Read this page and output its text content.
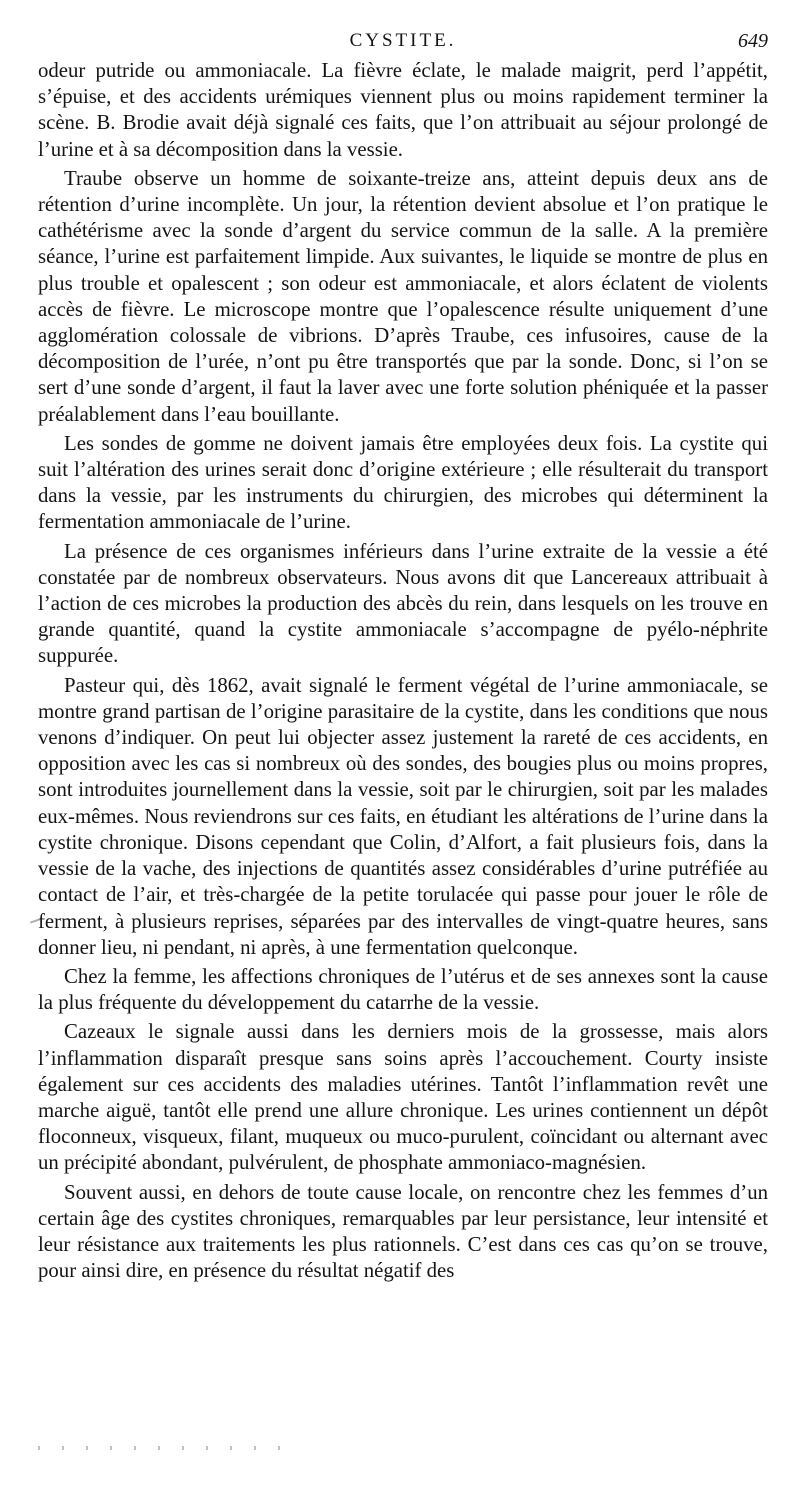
CYSTITE.	649

odeur putride ou ammoniacale. La fièvre éclate, le malade maigrit, perd l’appétit, s’épuise, et des accidents urémiques viennent plus ou moins rapidement terminer la scène. B. Brodie avait déjà signalé ces faits, que l’on attribuait au séjour prolongé de l’urine et à sa décomposition dans la vessie.

Traube observe un homme de soixante-treize ans, atteint depuis deux ans de rétention d’urine incomplète. Un jour, la rétention devient absolue et l’on pratique le cathétérisme avec la sonde d’argent du service commun de la salle. A la première séance, l’urine est parfaitement limpide. Aux suivantes, le liquide se montre de plus en plus trouble et opalescent ; son odeur est ammoniacale, et alors éclatent de violents accès de fièvre. Le microscope montre que l’opalescence résulte uniquement d’une agglomération colossale de vibrions. D’après Traube, ces infusoires, cause de la décomposition de l’urée, n’ont pu être transportés que par la sonde. Donc, si l’on se sert d’une sonde d’argent, il faut la laver avec une forte solution phéniquée et la passer préalablement dans l’eau bouillante.

Les sondes de gomme ne doivent jamais être employées deux fois. La cystite qui suit l’altération des urines serait donc d’origine extérieure ; elle résulterait du transport dans la vessie, par les instruments du chirurgien, des microbes qui déterminent la fermentation ammoniacale de l’urine.

La présence de ces organismes inférieurs dans l’urine extraite de la vessie a été constatée par de nombreux observateurs. Nous avons dit que Lancereaux attribuait à l’action de ces microbes la production des abcès du rein, dans lesquels on les trouve en grande quantité, quand la cystite ammoniacale s’accompagne de pyélo-néphrite suppurée.

Pasteur qui, dès 1862, avait signalé le ferment végétal de l’urine ammoniacale, se montre grand partisan de l’origine parasitaire de la cystite, dans les conditions que nous venons d’indiquer. On peut lui objecter assez justement la rareté de ces accidents, en opposition avec les cas si nombreux où des sondes, des bougies plus ou moins propres, sont introduites journellement dans la vessie, soit par le chirurgien, soit par les malades eux-mêmes. Nous reviendrons sur ces faits, en étudiant les altérations de l’urine dans la cystite chronique. Disons cependant que Colin, d’Alfort, a fait plusieurs fois, dans la vessie de la vache, des injections de quantités assez considérables d’urine putréfiée au contact de l’air, et très-chargée de la petite torulacée qui passe pour jouer le rôle de ferment, à plusieurs reprises, séparées par des intervalles de vingt-quatre heures, sans donner lieu, ni pendant, ni après, à une fermentation quelconque.

Chez la femme, les affections chroniques de l’utérus et de ses annexes sont la cause la plus fréquente du développement du catarrhe de la vessie.

Cazeaux le signale aussi dans les derniers mois de la grossesse, mais alors l’inflammation disparaît presque sans soins après l’accouchement. Courty insiste également sur ces accidents des maladies utérines. Tantôt l’inflammation revêt une marche aiguë, tantôt elle prend une allure chronique. Les urines contiennent un dépôt floconneux, visqueux, filant, muqueux ou muco-purulent, coïncidant ou alternant avec un précipité abondant, pulvérulent, de phosphate ammoniaco-magnésien.

Souvent aussi, en dehors de toute cause locale, on rencontre chez les femmes d’un certain âge des cystites chroniques, remarquables par leur persistance, leur intensité et leur résistance aux traitements les plus rationnels. C’est dans ces cas qu’on se trouve, pour ainsi dire, en présence du résultat négatif des
